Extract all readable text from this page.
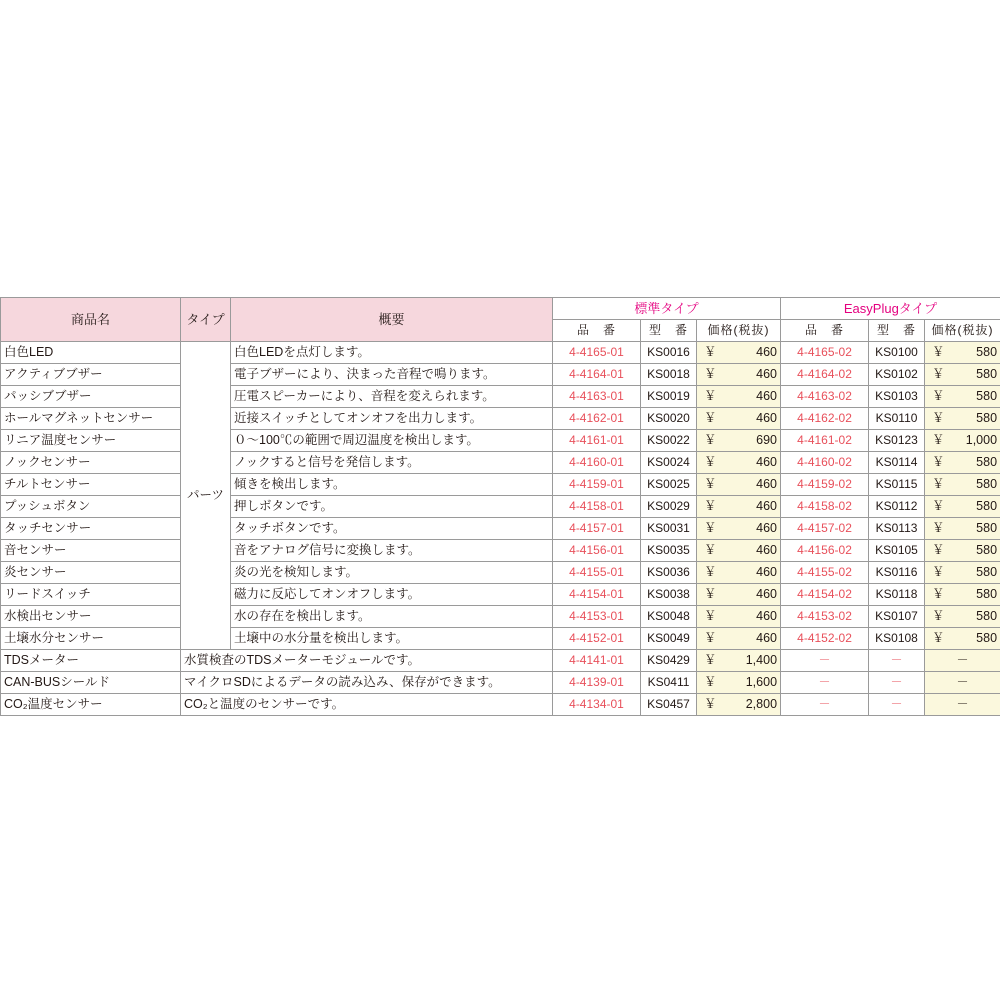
商品名	タイプ	概要	標準タイプ			EasyPlugタイプ		
			品　番	型　番	価格(税抜)	品　番	型　番	価格(税抜)
白色LED	パーツ	白色LEDを点灯します。	4-4165-01	KS0016	￥ 460	4-4165-02	KS0100	￥ 580
アクティブブザー		電子ブザーにより、決まった音程で鳴ります。	4-4164-01	KS0018	￥ 460	4-4164-02	KS0102	￥ 580
パッシブブザー		圧電スピーカーにより、音程を変えられます。	4-4163-01	KS0019	￥ 460	4-4163-02	KS0103	￥ 580
ホールマグネットセンサー		近接スイッチとしてオンオフを出力します。	4-4162-01	KS0020	￥ 460	4-4162-02	KS0110	￥ 580
リニア温度センサー		０～100℃の範囲で周辺温度を検出します。	4-4161-01	KS0022	￥ 690	4-4161-02	KS0123	￥ 1,000
ノックセンサー		ノックすると信号を発信します。	4-4160-01	KS0024	￥ 460	4-4160-02	KS0114	￥ 580
チルトセンサー		傾きを検出します。	4-4159-01	KS0025	￥ 460	4-4159-02	KS0115	￥ 580
プッシュボタン		押しボタンです。	4-4158-01	KS0029	￥ 460	4-4158-02	KS0112	￥ 580
タッチセンサー		タッチボタンです。	4-4157-01	KS0031	￥ 460	4-4157-02	KS0113	￥ 580
音センサー		音をアナログ信号に変換します。	4-4156-01	KS0035	￥ 460	4-4156-02	KS0105	￥ 580
炎センサー		炎の光を検知します。	4-4155-01	KS0036	￥ 460	4-4155-02	KS0116	￥ 580
リードスイッチ		磁力に反応してオンオフします。	4-4154-01	KS0038	￥ 460	4-4154-02	KS0118	￥ 580
水検出センサー		水の存在を検出します。	4-4153-01	KS0048	￥ 460	4-4153-02	KS0107	￥ 580
土壌水分センサー		土壌中の水分量を検出します。	4-4152-01	KS0049	￥ 460	4-4152-02	KS0108	￥ 580
TDSメーター	水質検査のTDSメーターモジュールです。		4-4141-01	KS0429	￥ 1,400	－	－	－
CAN-BUSシールド	マイクロSDによるデータの読み込み、保存ができます。		4-4139-01	KS0411	￥ 1,600	－	－	－
CO₂温度センサー	CO₂と温度のセンサーです。		4-4134-01	KS0457	￥ 2,800	－	－	－
